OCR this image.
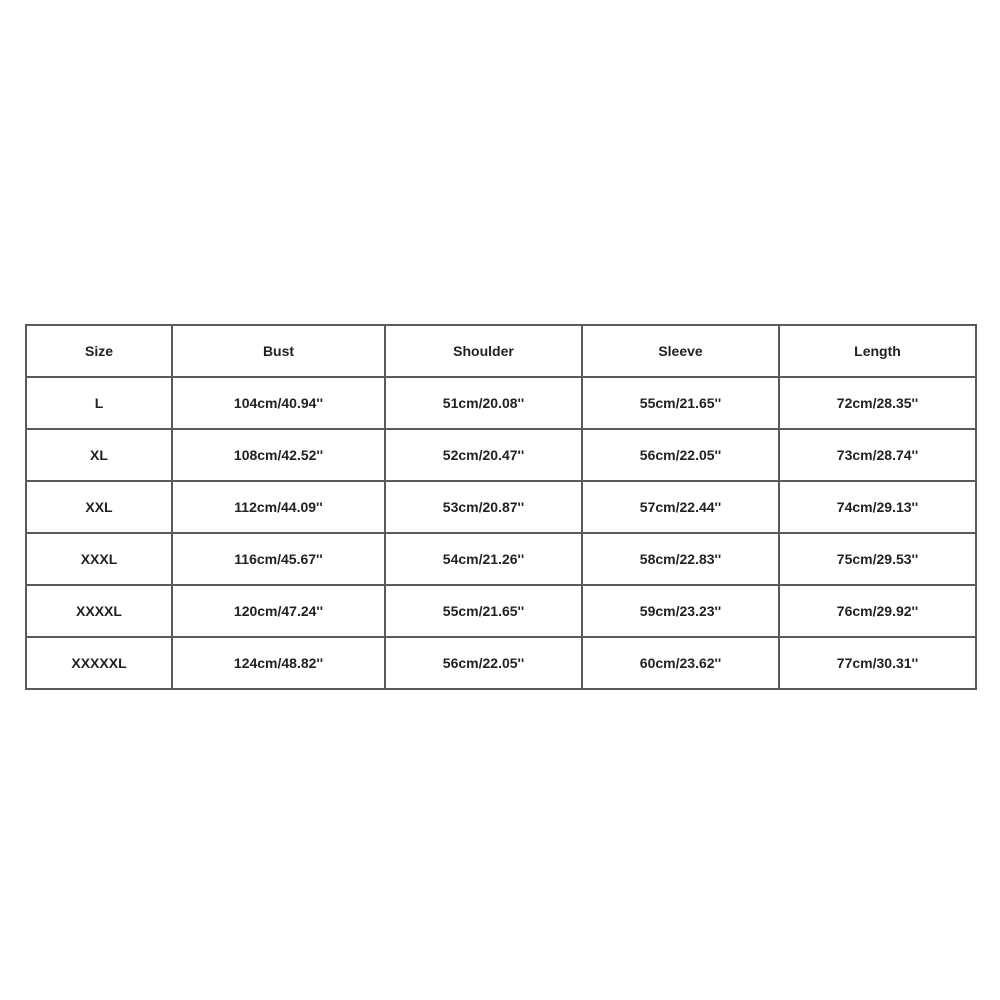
Size	Bust	Shoulder	Sleeve	Length
L	104cm/40.94''	51cm/20.08''	55cm/21.65''	72cm/28.35''
XL	108cm/42.52''	52cm/20.47''	56cm/22.05''	73cm/28.74''
XXL	112cm/44.09''	53cm/20.87''	57cm/22.44''	74cm/29.13''
XXXL	116cm/45.67''	54cm/21.26''	58cm/22.83''	75cm/29.53''
XXXXL	120cm/47.24''	55cm/21.65''	59cm/23.23''	76cm/29.92''
XXXXXL	124cm/48.82''	56cm/22.05''	60cm/23.62''	77cm/30.31''
